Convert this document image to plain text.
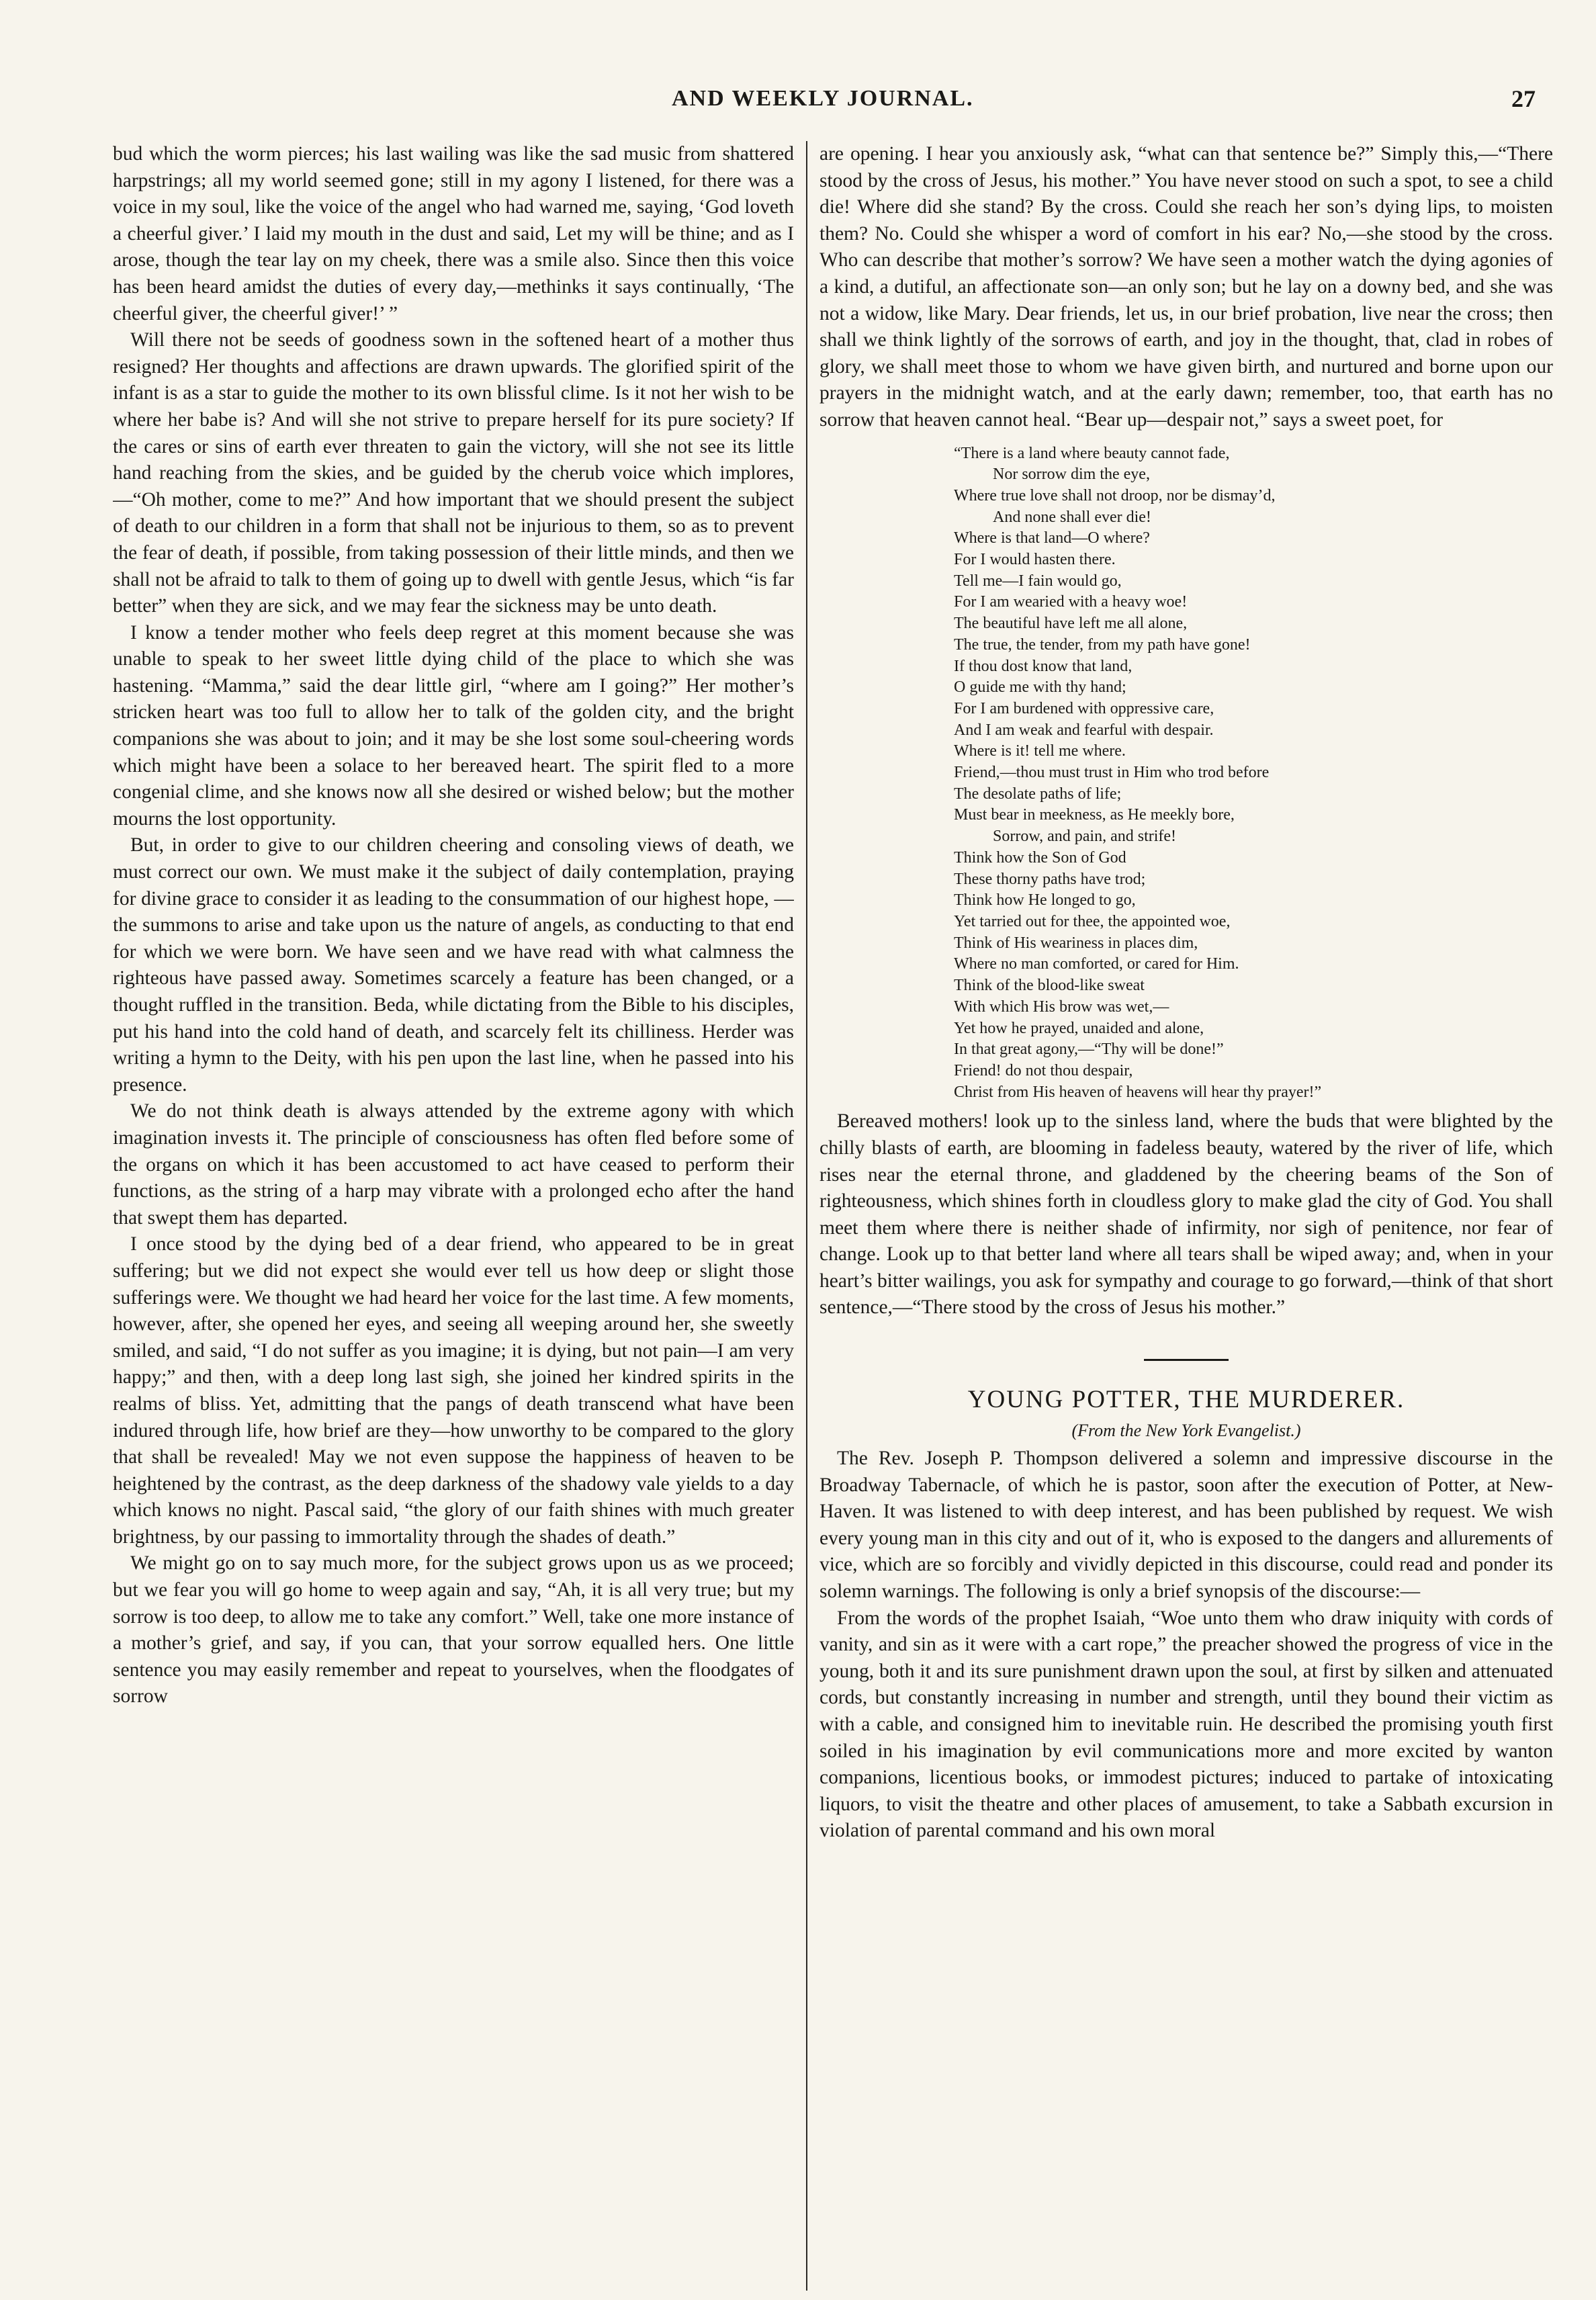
AND WEEKLY JOURNAL.	27

bud which the worm pierces; his last wailing was like the sad music from shattered harpstrings; all my world seemed gone; still in my agony I listened, for there was a voice in my soul, like the voice of the angel who had warned me, saying, ‘God loveth a cheerful giver.’ I laid my mouth in the dust and said, Let my will be thine; and as I arose, though the tear lay on my cheek, there was a smile also. Since then this voice has been heard amidst the duties of every day,—methinks it says continually, ‘The cheerful giver, the cheerful giver!’ ”

Will there not be seeds of goodness sown in the softened heart of a mother thus resigned? Her thoughts and affections are drawn upwards. The glorified spirit of the infant is as a star to guide the mother to its own blissful clime. Is it not her wish to be where her babe is? And will she not strive to prepare herself for its pure society? If the cares or sins of earth ever threaten to gain the victory, will she not see its little hand reaching from the skies, and be guided by the cherub voice which implores,—“Oh mother, come to me?” And how important that we should present the subject of death to our children in a form that shall not be injurious to them, so as to prevent the fear of death, if possible, from taking possession of their little minds, and then we shall not be afraid to talk to them of going up to dwell with gentle Jesus, which “is far better” when they are sick, and we may fear the sickness may be unto death.

I know a tender mother who feels deep regret at this moment because she was unable to speak to her sweet little dying child of the place to which she was hastening. “Mamma,” said the dear little girl, “where am I going?” Her mother’s stricken heart was too full to allow her to talk of the golden city, and the bright companions she was about to join; and it may be she lost some soul-cheering words which might have been a solace to her bereaved heart. The spirit fled to a more congenial clime, and she knows now all she desired or wished below; but the mother mourns the lost opportunity.

But, in order to give to our children cheering and consoling views of death, we must correct our own. We must make it the subject of daily contemplation, praying for divine grace to consider it as leading to the consummation of our highest hope, —the summons to arise and take upon us the nature of angels, as conducting to that end for which we were born. We have seen and we have read with what calmness the righteous have passed away. Sometimes scarcely a feature has been changed, or a thought ruffled in the transition. Beda, while dictating from the Bible to his disciples, put his hand into the cold hand of death, and scarcely felt its chilliness. Herder was writing a hymn to the Deity, with his pen upon the last line, when he passed into his presence.

We do not think death is always attended by the extreme agony with which imagination invests it. The principle of consciousness has often fled before some of the organs on which it has been accustomed to act have ceased to perform their functions, as the string of a harp may vibrate with a prolonged echo after the hand that swept them has departed.

I once stood by the dying bed of a dear friend, who appeared to be in great suffering; but we did not expect she would ever tell us how deep or slight those sufferings were. We thought we had heard her voice for the last time. A few moments, however, after, she opened her eyes, and seeing all weeping around her, she sweetly smiled, and said, “I do not suffer as you imagine; it is dying, but not pain—I am very happy;” and then, with a deep long last sigh, she joined her kindred spirits in the realms of bliss. Yet, admitting that the pangs of death transcend what have been indured through life, how brief are they—how unworthy to be compared to the glory that shall be revealed! May we not even suppose the happiness of heaven to be heightened by the contrast, as the deep darkness of the shadowy vale yields to a day which knows no night. Pascal said, “the glory of our faith shines with much greater brightness, by our passing to immortality through the shades of death.”

We might go on to say much more, for the subject grows upon us as we proceed; but we fear you will go home to weep again and say, “Ah, it is all very true; but my sorrow is too deep, to allow me to take any comfort.” Well, take one more instance of a mother’s grief, and say, if you can, that your sorrow equalled hers. One little sentence you may easily remember and repeat to yourselves, when the floodgates of sorrow

are opening. I hear you anxiously ask, “what can that sentence be?” Simply this,—“There stood by the cross of Jesus, his mother.” You have never stood on such a spot, to see a child die! Where did she stand? By the cross. Could she reach her son’s dying lips, to moisten them? No. Could she whisper a word of comfort in his ear? No,—she stood by the cross. Who can describe that mother’s sorrow? We have seen a mother watch the dying agonies of a kind, a dutiful, an affectionate son—an only son; but he lay on a downy bed, and she was not a widow, like Mary. Dear friends, let us, in our brief probation, live near the cross; then shall we think lightly of the sorrows of earth, and joy in the thought, that, clad in robes of glory, we shall meet those to whom we have given birth, and nurtured and borne upon our prayers in the midnight watch, and at the early dawn; remember, too, that earth has no sorrow that heaven cannot heal. “Bear up—despair not,” says a sweet poet, for

“There is a land where beauty cannot fade,
Nor sorrow dim the eye,
Where true love shall not droop, nor be dismay’d,
And none shall ever die!
Where is that land—O where?
For I would hasten there.
Tell me—I fain would go,
For I am wearied with a heavy woe!
The beautiful have left me all alone,
The true, the tender, from my path have gone!
If thou dost know that land,
O guide me with thy hand;
For I am burdened with oppressive care,
And I am weak and fearful with despair.
Where is it! tell me where.
Friend,—thou must trust in Him who trod before
The desolate paths of life;
Must bear in meekness, as He meekly bore,
Sorrow, and pain, and strife!
Think how the Son of God
These thorny paths have trod;
Think how He longed to go,
Yet tarried out for thee, the appointed woe,
Think of His weariness in places dim,
Where no man comforted, or cared for Him.
Think of the blood-like sweat
With which His brow was wet,—
Yet how he prayed, unaided and alone,
In that great agony,—“Thy will be done!”
Friend! do not thou despair,
Christ from His heaven of heavens will hear thy prayer!”

Bereaved mothers! look up to the sinless land, where the buds that were blighted by the chilly blasts of earth, are blooming in fadeless beauty, watered by the river of life, which rises near the eternal throne, and gladdened by the cheering beams of the Son of righteousness, which shines forth in cloudless glory to make glad the city of God. You shall meet them where there is neither shade of infirmity, nor sigh of penitence, nor fear of change. Look up to that better land where all tears shall be wiped away; and, when in your heart’s bitter wailings, you ask for sympathy and courage to go forward,—think of that short sentence,—“There stood by the cross of Jesus his mother.”

YOUNG POTTER, THE MURDERER.
(From the New York Evangelist.)

The Rev. Joseph P. Thompson delivered a solemn and impressive discourse in the Broadway Tabernacle, of which he is pastor, soon after the execution of Potter, at New-Haven. It was listened to with deep interest, and has been published by request. We wish every young man in this city and out of it, who is exposed to the dangers and allurements of vice, which are so forcibly and vividly depicted in this discourse, could read and ponder its solemn warnings. The following is only a brief synopsis of the discourse:—

From the words of the prophet Isaiah, “Woe unto them who draw iniquity with cords of vanity, and sin as it were with a cart rope,” the preacher showed the progress of vice in the young, both it and its sure punishment drawn upon the soul, at first by silken and attenuated cords, but constantly increasing in number and strength, until they bound their victim as with a cable, and consigned him to inevitable ruin. He described the promising youth first soiled in his imagination by evil communications more and more excited by wanton companions, licentious books, or immodest pictures; induced to partake of intoxicating liquors, to visit the theatre and other places of amusement, to take a Sabbath excursion in violation of parental command and his own moral
